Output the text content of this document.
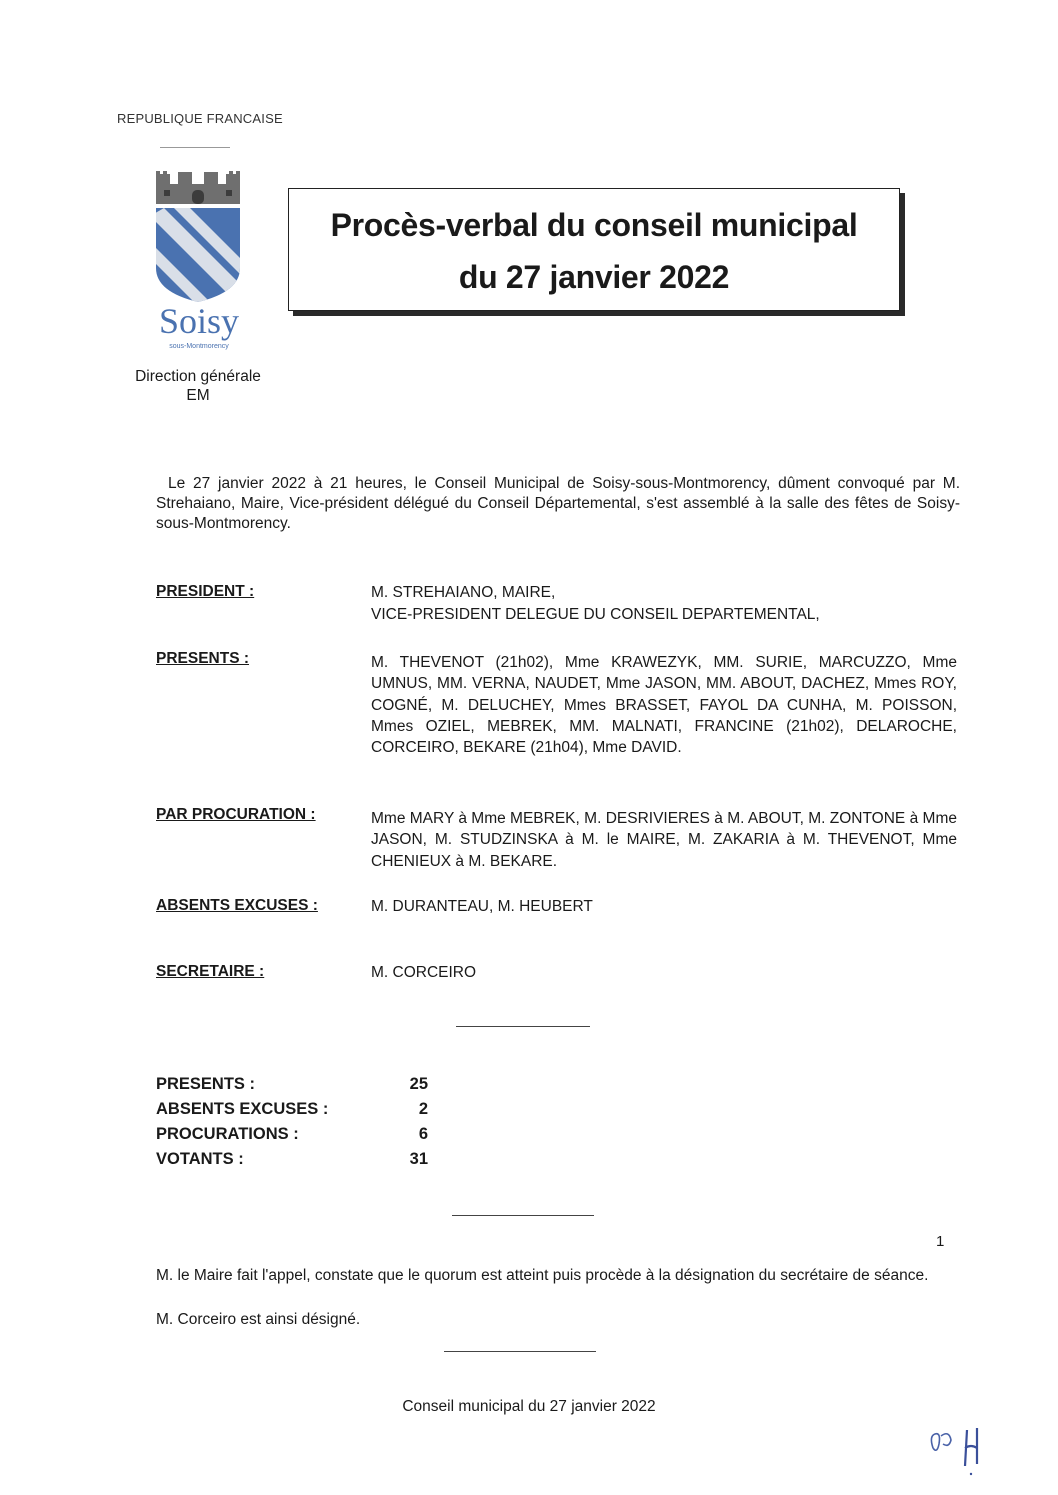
REPUBLIQUE FRANCAISE
Soisy
sous-Montmorency
Direction générale
EM
Procès-verbal du conseil municipal
du 27 janvier 2022
Le 27 janvier 2022 à 21 heures, le Conseil Municipal de Soisy-sous-Montmorency, dûment convoqué par M. Strehaiano, Maire, Vice-président délégué du Conseil Départemental, s'est assemblé à la salle des fêtes de Soisy-sous-Montmorency.
PRESIDENT :	M. STREHAIANO, MAIRE,
VICE-PRESIDENT DELEGUE DU CONSEIL DEPARTEMENTAL,
PRESENTS :	M. THEVENOT (21h02), Mme KRAWEZYK, MM. SURIE, MARCUZZO, Mme UMNUS, MM. VERNA, NAUDET, Mme JASON, MM. ABOUT, DACHEZ, Mmes ROY, COGNÉ, M. DELUCHEY, Mmes BRASSET, FAYOL DA CUNHA, M. POISSON, Mmes OZIEL, MEBREK, MM. MALNATI, FRANCINE (21h02), DELAROCHE, CORCEIRO, BEKARE (21h04), Mme DAVID.
PAR PROCURATION :	Mme MARY à Mme MEBREK, M. DESRIVIERES à M. ABOUT, M. ZONTONE à Mme JASON, M. STUDZINSKA à M. le MAIRE, M. ZAKARIA à M. THEVENOT, Mme CHENIEUX à M. BEKARE.
ABSENTS EXCUSES :	M. DURANTEAU, M. HEUBERT
SECRETAIRE :	M. CORCEIRO
PRESENTS :	25
ABSENTS EXCUSES :	2
PROCURATIONS :	6
VOTANTS :	31
M. le Maire fait l'appel, constate que le quorum est atteint puis procède à la désignation du secrétaire de séance.
M. Corceiro est ainsi désigné.
1
Conseil municipal du 27 janvier 2022
